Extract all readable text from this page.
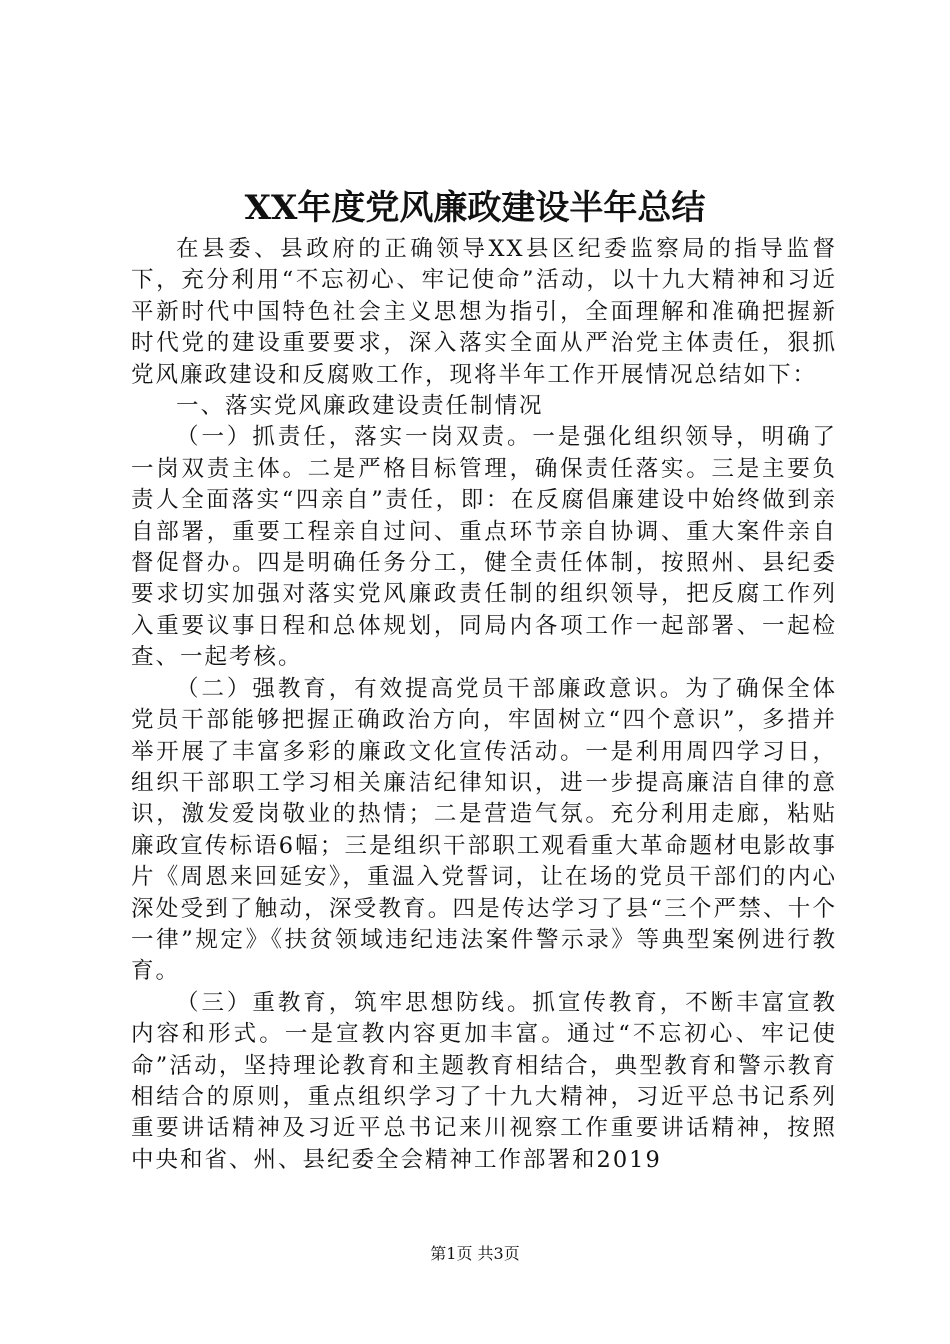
XX年度党风廉政建设半年总结

在县委、县政府的正确领导XX县区纪委监察局的指导监督下，充分利用“不忘初心、牢记使命”活动，以十九大精神和习近平新时代中国特色社会主义思想为指引，全面理解和准确把握新时代党的建设重要要求，深入落实全面从严治党主体责任，狠抓党风廉政建设和反腐败工作，现将半年工作开展情况总结如下：

一、落实党风廉政建设责任制情况

（一）抓责任，落实一岗双责。一是强化组织领导，明确了一岗双责主体。二是严格目标管理，确保责任落实。三是主要负责人全面落实“四亲自”责任，即：在反腐倡廉建设中始终做到亲自部署，重要工程亲自过问、重点环节亲自协调、重大案件亲自督促督办。四是明确任务分工，健全责任体制，按照州、县纪委要求切实加强对落实党风廉政责任制的组织领导，把反腐工作列入重要议事日程和总体规划，同局内各项工作一起部署、一起检查、一起考核。

（二）强教育，有效提高党员干部廉政意识。为了确保全体党员干部能够把握正确政治方向，牢固树立“四个意识”，多措并举开展了丰富多彩的廉政文化宣传活动。一是利用周四学习日，组织干部职工学习相关廉洁纪律知识，进一步提高廉洁自律的意识，激发爱岗敬业的热情；二是营造气氛。充分利用走廊，粘贴廉政宣传标语6幅；三是组织干部职工观看重大革命题材电影故事片《周恩来回延安》，重温入党誓词，让在场的党员干部们的内心深处受到了触动，深受教育。四是传达学习了县“三个严禁、十个一律”规定》《扶贫领域违纪违法案件警示录》等典型案例进行教育。

（三）重教育，筑牢思想防线。抓宣传教育，不断丰富宣教内容和形式。一是宣教内容更加丰富。通过“不忘初心、牢记使命”活动，坚持理论教育和主题教育相结合，典型教育和警示教育相结合的原则，重点组织学习了十九大精神，习近平总书记系列重要讲话精神及习近平总书记来川视察工作重要讲话精神，按照中央和省、州、县纪委全会精神工作部署和2019

第1页 共3页
